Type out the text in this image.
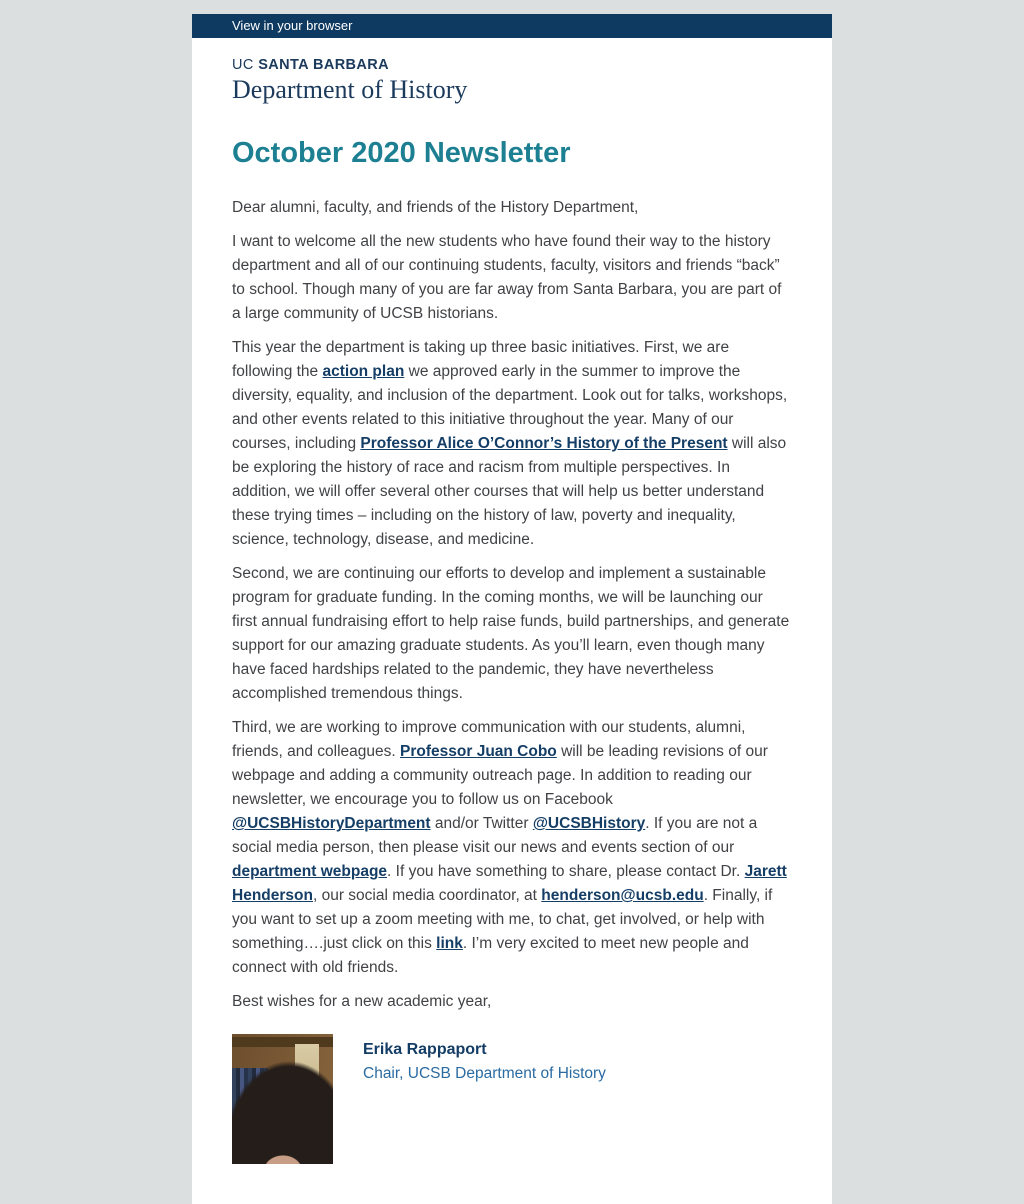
View in your browser
UC SANTA BARBARA
Department of History
October 2020 Newsletter

Dear alumni, faculty, and friends of the History Department,

I want to welcome all the new students who have found their way to the history department and all of our continuing students, faculty, visitors and friends “back” to school. Though many of you are far away from Santa Barbara, you are part of a large community of UCSB historians.

This year the department is taking up three basic initiatives. First, we are following the action plan we approved early in the summer to improve the diversity, equality, and inclusion of the department. Look out for talks, workshops, and other events related to this initiative throughout the year. Many of our courses, including Professor Alice O’Connor’s History of the Present will also be exploring the history of race and racism from multiple perspectives. In addition, we will offer several other courses that will help us better understand these trying times – including on the history of law, poverty and inequality, science, technology, disease, and medicine.

Second, we are continuing our efforts to develop and implement a sustainable program for graduate funding. In the coming months, we will be launching our first annual fundraising effort to help raise funds, build partnerships, and generate support for our amazing graduate students. As you’ll learn, even though many have faced hardships related to the pandemic, they have nevertheless accomplished tremendous things.

Third, we are working to improve communication with our students, alumni, friends, and colleagues. Professor Juan Cobo will be leading revisions of our webpage and adding a community outreach page. In addition to reading our newsletter, we encourage you to follow us on Facebook @UCSBHistoryDepartment and/or Twitter @UCSBHistory. If you are not a social media person, then please visit our news and events section of our department webpage. If you have something to share, please contact Dr. Jarett Henderson, our social media coordinator, at henderson@ucsb.edu. Finally, if you want to set up a zoom meeting with me, to chat, get involved, or help with something….just click on this link. I’m very excited to meet new people and connect with old friends.

Best wishes for a new academic year,

Erika Rappaport
Chair, UCSB Department of History
